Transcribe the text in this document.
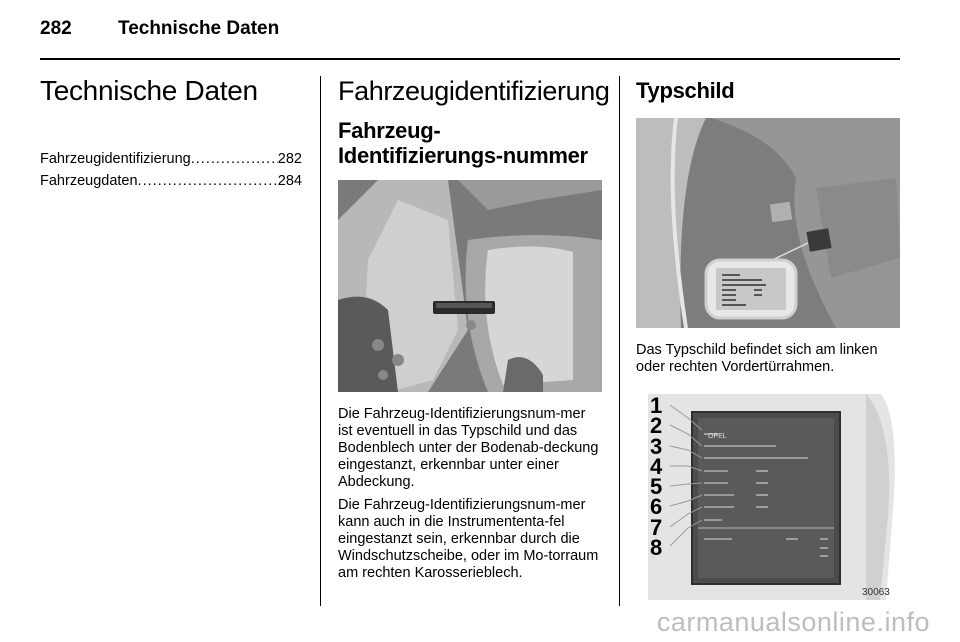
282	Technische Daten
Technische Daten
Fahrzeugidentifizierung .....	282
Fahrzeugdaten .....	284
Fahrzeugidentifizierung
Fahrzeug-
Identifizierungs-nummer

Die Fahrzeug-Identifizierungsnum-mer ist eventuell in das Typschild und das Bodenblech unter der Bodenab-deckung eingestanzt, erkennbar unter einer Abdeckung.

Die Fahrzeug-Identifizierungsnum-mer kann auch in die Instrumententa-fel eingestanzt sein, erkennbar durch die Windschutzscheibe, oder im Mo-torraum am rechten Karosserieblech.

Typschild

Das Typschild befindet sich am linken oder rechten Vordertürrahmen.

OPEL
1
2
3
4
5
6
7
8
30063
carmanualsonline.info
